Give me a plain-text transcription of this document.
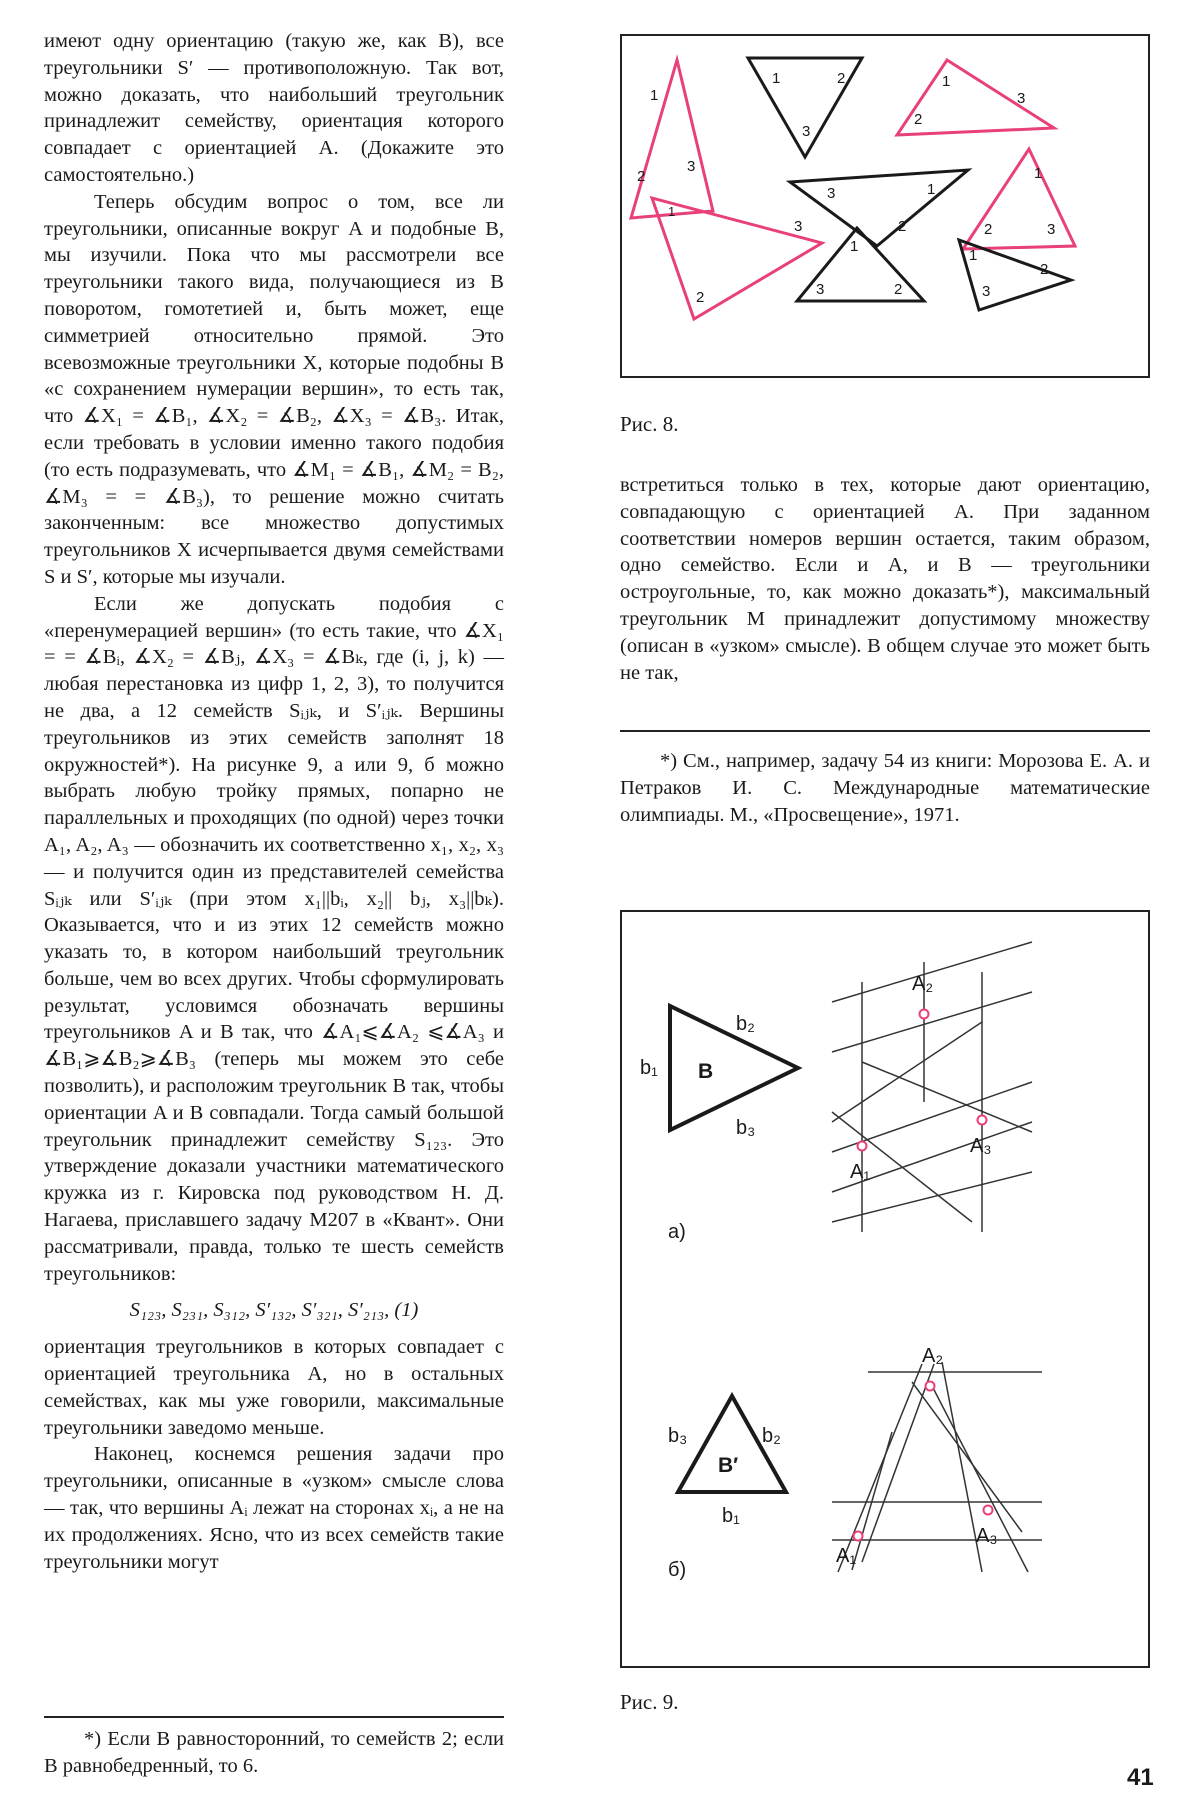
имеют одну ориентацию (такую же, как B), все треугольники S′ — противоположную. Так вот, можно доказать, что наибольший треугольник принадлежит семейству, ориентация которого совпадает с ориентацией A. (Докажите это самостоятельно.)

Теперь обсудим вопрос о том, все ли треугольники, описанные вокруг A и подобные B, мы изучили. Пока что мы рассмотрели все треугольники такого вида, получающиеся из B поворотом, гомотетией и, быть может, еще симметрией относительно прямой. Это всевозможные треугольники X, которые подобны B «с сохранением нумерации вершин», то есть так, что ∡X₁ = ∡B₁, ∡X₂ = ∡B₂, ∡X₃ = ∡B₃. Итак, если требовать в условии именно такого подобия (то есть подразумевать, что ∡M₁ = ∡B₁, ∡M₂ = B₂, ∡M₃ = = ∡B₃), то решение можно считать законченным: все множество допустимых треугольников X исчерпывается двумя семействами S и S′, которые мы изучали.

Если же допускать подобия с «перенумерацией вершин» (то есть такие, что ∡X₁ = = ∡Bᵢ, ∡X₂ = ∡Bⱼ, ∡X₃ = ∡Bₖ, где (i, j, k) — любая перестановка из цифр 1, 2, 3), то получится не два, а 12 семейств Sᵢⱼₖ, и S′ᵢⱼₖ. Вершины треугольников из этих семейств заполнят 18 окружностей*). На рисунке 9, а или 9, б можно выбрать любую тройку прямых, попарно не параллельных и проходящих (по одной) через точки A₁, A₂, A₃ — обозначить их соответственно x₁, x₂, x₃ — и получится один из представителей семейства Sᵢⱼₖ или S′ᵢⱼₖ (при этом x₁||bᵢ, x₂|| bⱼ, x₃||bₖ). Оказывается, что и из этих 12 семейств можно указать то, в котором наибольший треугольник больше, чем во всех других. Чтобы сформулировать результат, условимся обозначать вершины треугольников A и B так, что ∡A₁⩽∡A₂ ⩽∡A₃ и ∡B₁⩾∡B₂⩾∡B₃ (теперь мы можем это себе позволить), и расположим треугольник B так, чтобы ориентации A и B совпадали. Тогда самый большой треугольник принадлежит семейству S₁₂₃. Это утверждение доказали участники математического кружка из г. Кировска под руководством Н. Д. Нагаева, приславшего задачу М207 в «Квант». Они рассматривали, правда, только те шесть семейств треугольников:

S₁₂₃, S₂₃₁, S₃₁₂, S′₁₃₂, S′₃₂₁, S′₂₁₃, (1)

ориентация треугольников в которых совпадает с ориентацией треугольника A, но в остальных семействах, как мы уже говорили, максимальные треугольники заведомо меньше.

Наконец, коснемся решения задачи про треугольники, описанные в «узком» смысле слова — так, что вершины Aᵢ лежат на сторонах xᵢ, а не на их продолжениях. Ясно, что из всех семейств такие треугольники могут

*) Если B равносторонний, то семейств 2; если B равнобедренный, то 6.
1
2
3
1	2
3
1
2
3
1
2
3
1
2	3
1
2
3
1
2
3
1
2
3
Рис. 8.

встретиться только в тех, которые дают ориентацию, совпадающую с ориентацией A. При заданном соответствии номеров вершин остается, таким образом, одно семейство. Если и A, и B — треугольники остроугольные, то, как можно доказать*), максимальный треугольник M принадлежит допустимому множеству (описан в «узком» смысле). В общем случае это может быть не так,

*) См., например, задачу 54 из книги: Морозова Е. А. и Петраков И. С. Международные математические олимпиады. М., «Просвещение», 1971.
B
b₁
b₂
b₃
а)
A₂
A₁
A₃
B′
b₃	b₂
b₁
б)
A₂
A₁
A₃
Рис. 9.
41
